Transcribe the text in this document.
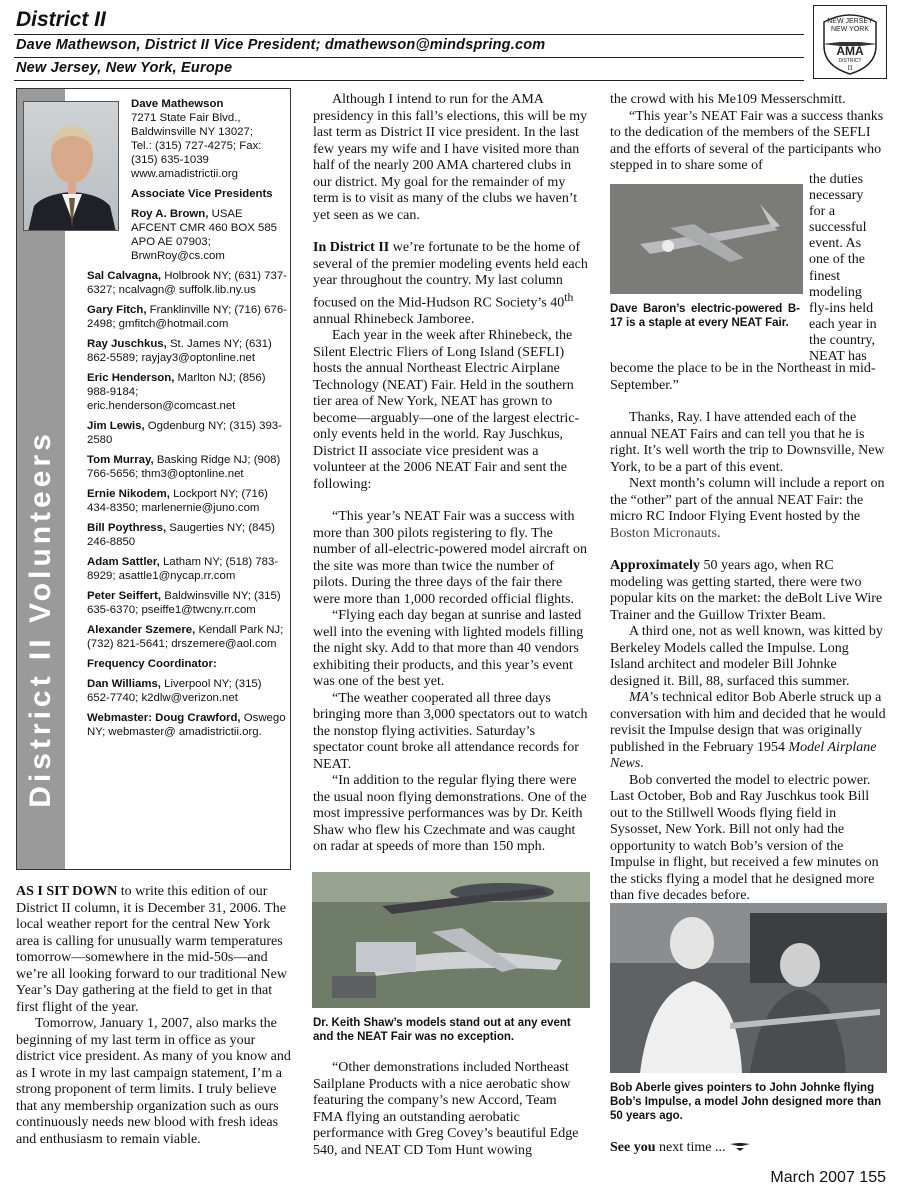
District II
Dave Mathewson, District II Vice President; dmathewson@mindspring.com
New Jersey, New York, Europe
NEW JERSEY
NEW YORK
AMA
DISTRICT
II
District II Volunteers
Dave Mathewson
7271 State Fair Blvd.,
Baldwinsville NY 13027;
Tel.: (315) 727-4275; Fax:
(315) 635-1039
www.amadistrictii.org
Associate Vice Presidents
Roy A. Brown, USAE AFCENT CMR 460 BOX 585 APO AE 07903; BrwnRoy@cs.com
Sal Calvagna, Holbrook NY; (631) 737-6327; ncalvagn@ suffolk.lib.ny.us
Gary Fitch, Franklinville NY; (716) 676-2498; gmfitch@hotmail.com
Ray Juschkus, St. James NY; (631) 862-5589; rayjay3@optonline.net
Eric Henderson, Marlton NJ; (856) 988-9184; eric.henderson@comcast.net
Jim Lewis, Ogdenburg NY; (315) 393-2580
Tom Murray, Basking Ridge NJ; (908) 766-5656; thm3@optonline.net
Ernie Nikodem, Lockport NY; (716) 434-8350; marlenernie@juno.com
Bill Poythress, Saugerties NY; (845) 246-8850
Adam Sattler, Latham NY; (518) 783-8929; asattle1@nycap.rr.com
Peter Seiffert, Baldwinsville NY; (315) 635-6370; pseiffe1@twcny.rr.com
Alexander Szemere, Kendall Park NJ; (732) 821-5641; drszemere@aol.com
Frequency Coordinator:
Dan Williams, Liverpool NY; (315) 652-7740; k2dlw@verizon.net
Webmaster: Doug Crawford, Oswego NY; webmaster@ amadistrictii.org.

AS I SIT DOWN to write this edition of our District II column, it is December 31, 2006. The local weather report for the central New York area is calling for unusually warm temperatures tomorrow—somewhere in the mid-50s—and we’re all looking forward to our traditional New Year’s Day gathering at the field to get in that first flight of the year.

Tomorrow, January 1, 2007, also marks the beginning of my last term in office as your district vice president. As many of you know and as I wrote in my last campaign statement, I’m a strong proponent of term limits. I truly believe that any membership organization such as ours continuously needs new blood with fresh ideas and enthusiasm to remain viable.

Although I intend to run for the AMA presidency in this fall’s elections, this will be my last term as District II vice president. In the last few years my wife and I have visited more than half of the nearly 200 AMA chartered clubs in our district. My goal for the remainder of my term is to visit as many of the clubs we haven’t yet seen as we can.

In District II we’re fortunate to be the home of several of the premier modeling events held each year throughout the country. My last column focused on the Mid-Hudson RC Society’s 40th annual Rhinebeck Jamboree.

Each year in the week after Rhinebeck, the Silent Electric Fliers of Long Island (SEFLI) hosts the annual Northeast Electric Airplane Technology (NEAT) Fair. Held in the southern tier area of New York, NEAT has grown to become—arguably—one of the largest electric-only events held in the world. Ray Juschkus, District II associate vice president was a volunteer at the 2006 NEAT Fair and sent the following:

“This year’s NEAT Fair was a success with more than 300 pilots registering to fly. The number of all-electric-powered model aircraft on the site was more than twice the number of pilots. During the three days of the fair there were more than 1,000 recorded official flights.

“Flying each day began at sunrise and lasted well into the evening with lighted models filling the night sky. Add to that more than 40 vendors exhibiting their products, and this year’s event was one of the best yet.

“The weather cooperated all three days bringing more than 3,000 spectators out to watch the nonstop flying activities. Saturday’s spectator count broke all attendance records for NEAT.

“In addition to the regular flying there were the usual noon flying demonstrations. One of the most impressive performances was by Dr. Keith Shaw who flew his Czechmate and was caught on radar at speeds of more than 150 mph.

Dr. Keith Shaw’s models stand out at any event and the NEAT Fair was no exception.

“Other demonstrations included Northeast Sailplane Products with a nice aerobatic show featuring the company’s new Accord, Team FMA flying an outstanding aerobatic performance with Greg Covey’s beautiful Edge 540, and NEAT CD Tom Hunt wowing

the crowd with his Me109 Messerschmitt.

“This year’s NEAT Fair was a success thanks to the dedication of the members of the SEFLI and the efforts of several of the participants who stepped in to share some of

Dave Baron’s electric-powered B-17 is a staple at every NEAT Fair.
the duties
necessary
for a
successful
event. As
one of the
finest
modeling
fly-ins held
each year in
the country,
NEAT has

become the place to be in the Northeast in mid-September.”

Thanks, Ray. I have attended each of the annual NEAT Fairs and can tell you that he is right. It’s well worth the trip to Downsville, New York, to be a part of this event.

Next month’s column will include a report on the “other” part of the annual NEAT Fair: the micro RC Indoor Flying Event hosted by the Boston Micronauts.

Approximately 50 years ago, when RC modeling was getting started, there were two popular kits on the market: the deBolt Live Wire Trainer and the Guillow Trixter Beam.

A third one, not as well known, was kitted by Berkeley Models called the Impulse. Long Island architect and modeler Bill Johnke designed it. Bill, 88, surfaced this summer.

MA’s technical editor Bob Aberle struck up a conversation with him and decided that he would revisit the Impulse design that was originally published in the February 1954 Model Airplane News.

Bob converted the model to electric power. Last October, Bob and Ray Juschkus took Bill out to the Stillwell Woods flying field in Sysosset, New York. Bill not only had the opportunity to watch Bob’s version of the Impulse in flight, but received a few minutes on the sticks flying a model that he designed more than five decades before.

Bob Aberle gives pointers to John Johnke flying Bob’s Impulse, a model John designed more than 50 years ago.

See you next time ...

March 2007 155
